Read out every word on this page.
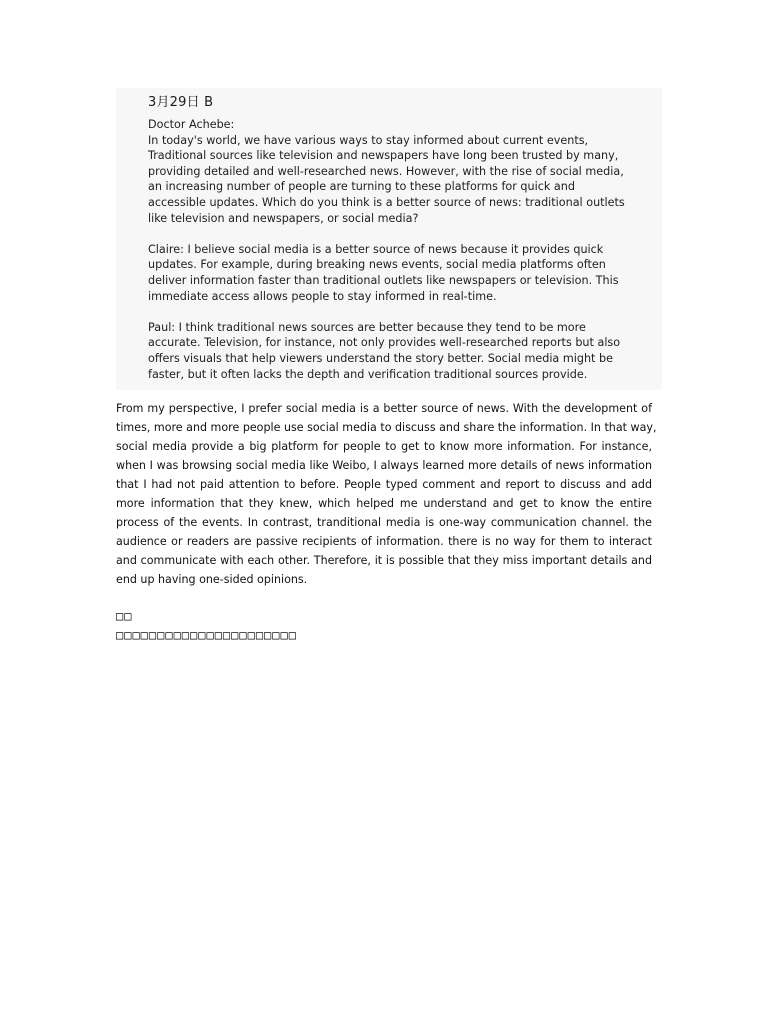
3月29日 B
Doctor Achebe:
In today's world, we have various ways to stay informed about current events,
Traditional sources like television and newspapers have long been trusted by many,
providing detailed and well-researched news. However, with the rise of social media,
an increasing number of people are turning to these platforms for quick and
accessible updates. Which do you think is a better source of news: traditional outlets
like television and newspapers, or social media?
Claire: I believe social media is a better source of news because it provides quick
updates. For example, during breaking news events, social media platforms often
deliver information faster than traditional outlets like newspapers or television. This
immediate access allows people to stay informed in real-time.
Paul: I think traditional news sources are better because they tend to be more
accurate. Television, for instance, not only provides well-researched reports but also
offers visuals that help viewers understand the story better. Social media might be
faster, but it often lacks the depth and verification traditional sources provide.
From my perspective, I prefer social media is a better source of news. With the development of
times, more and more people use social media to discuss and share the information. In that way,
social media provide a big platform for people to get to know more information. For instance,
when I was browsing social media like Weibo, I always learned more details of news information
that I had not paid attention to before. People typed comment and report to discuss and add
more information that they knew, which helped me understand and get to know the entire
process of the events. In contrast, tranditional media is one-way communication channel. the
audience or readers are passive recipients of information. there is no way for them to interact
and communicate with each other. Therefore, it is possible that they miss important details and
end up having one-sided opinions.
□□
□□□□□□□□□□□□□□□□□□□□□□
